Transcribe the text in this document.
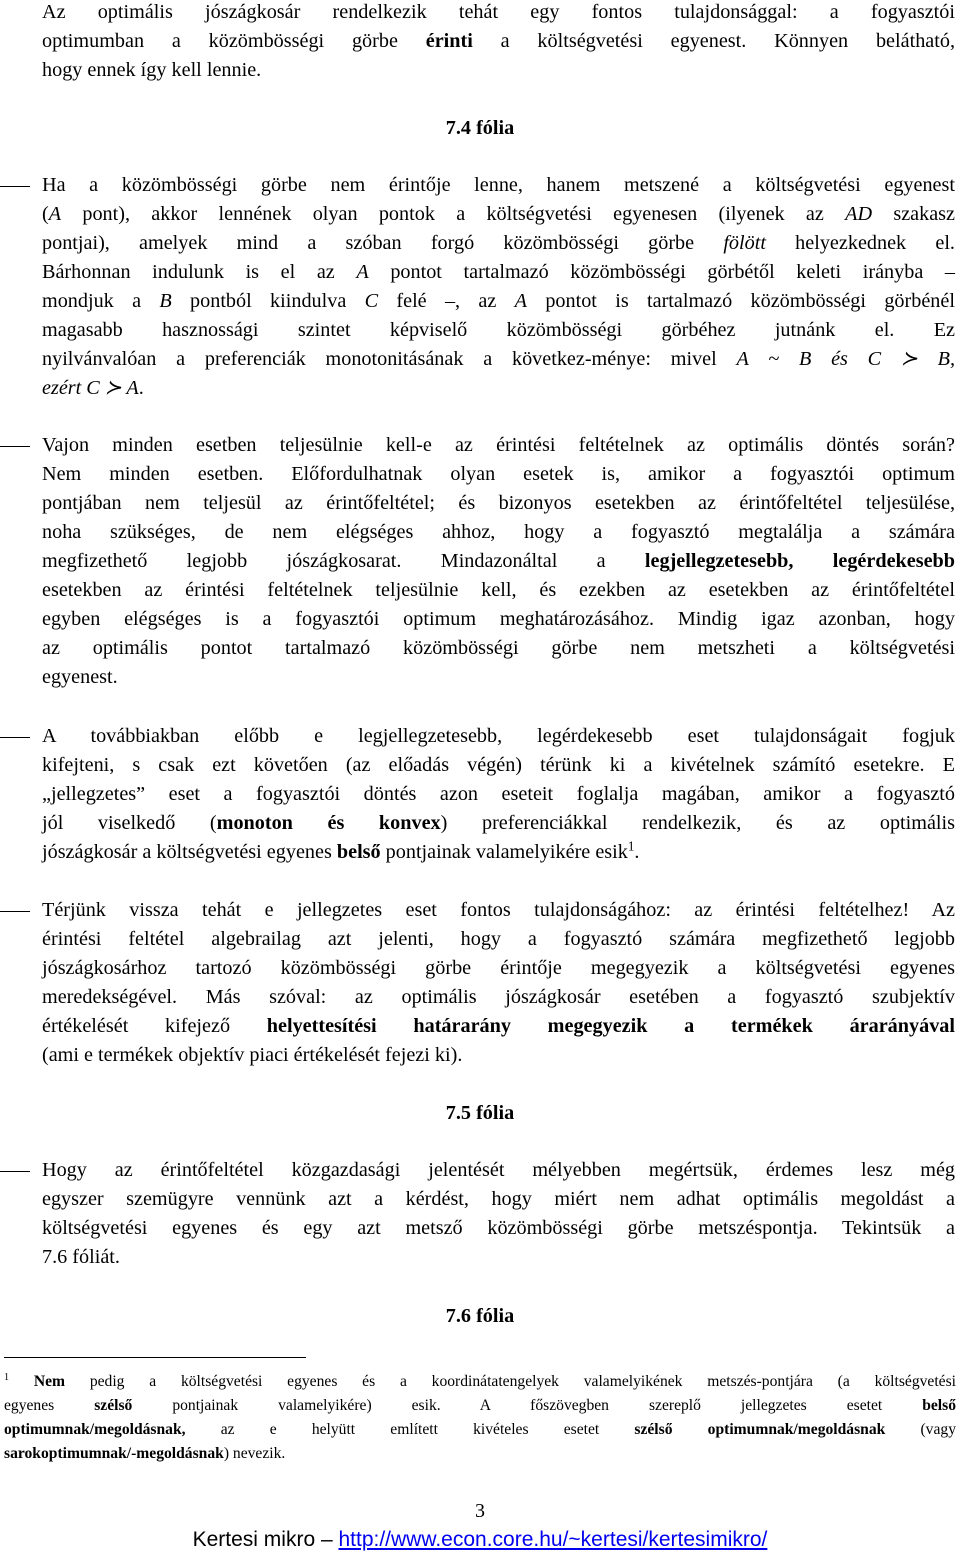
Az optimális jószágkosár rendelkezik tehát egy fontos tulajdonsággal: a fogyasztói
optimumban a közömbösségi görbe érinti a költségvetési egyenest. Könnyen belátható,
hogy ennek így kell lennie.
7.4 fólia
Ha a közömbösségi görbe nem érintője lenne, hanem metszené a költségvetési egyenest
(A pont), akkor lennének olyan pontok a költségvetési egyenesen (ilyenek az AD szakasz
pontjai), amelyek mind a szóban forgó közömbösségi görbe fölött helyezkednek el.
Bárhonnan indulunk is el az A pontot tartalmazó közömbösségi görbétől keleti irányba –
mondjuk a B pontból kiindulva C felé –, az A pontot is tartalmazó közömbösségi görbénél
magasabb hasznossági szintet képviselő közömbösségi görbéhez jutnánk el. Ez
nyilvánvalóan a preferenciák monotonitásának a következ-ménye: mivel A ~ B és C ≻ B,
ezért C ≻ A.
Vajon minden esetben teljesülnie kell-e az érintési feltételnek az optimális döntés során?
Nem minden esetben. Előfordulhatnak olyan esetek is, amikor a fogyasztói optimum
pontjában nem teljesül az érintőfeltétel; és bizonyos esetekben az érintőfeltétel teljesülése,
noha szükséges, de nem elégséges ahhoz, hogy a fogyasztó megtalálja a számára
megfizethető legjobb jószágkosarat. Mindazonáltal a legjellegzetesebb, legérdekesebb
esetekben az érintési feltételnek teljesülnie kell, és ezekben az esetekben az érintőfeltétel
egyben elégséges is a fogyasztói optimum meghatározásához. Mindig igaz azonban, hogy
az optimális pontot tartalmazó közömbösségi görbe nem metszheti a költségvetési
egyenest.
A továbbiakban előbb e legjellegzetesebb, legérdekesebb eset tulajdonságait fogjuk
kifejteni, s csak ezt követően (az előadás végén) térünk ki a kivételnek számító esetekre. E
„jellegzetes” eset a fogyasztói döntés azon eseteit foglalja magában, amikor a fogyasztó
jól viselkedő (monoton és konvex) preferenciákkal rendelkezik, és az optimális
jószágkosár a költségvetési egyenes belső pontjainak valamelyikére esik$^1$.
Térjünk vissza tehát e jellegzetes eset fontos tulajdonságához: az érintési feltételhez! Az
érintési feltétel algebrailag azt jelenti, hogy a fogyasztó számára megfizethető legjobb
jószágkosárhoz tartozó közömbösségi görbe érintője megegyezik a költségvetési egyenes
meredekségével. Más szóval: az optimális jószágkosár esetében a fogyasztó szubjektív
értékelését kifejező helyettesítési határarány megegyezik a termékek árarányával
(ami e termékek objektív piaci értékelését fejezi ki).
7.5 fólia
Hogy az érintőfeltétel közgazdasági jelentését mélyebben megértsük, érdemes lesz még
egyszer szemügyre vennünk azt a kérdést, hogy miért nem adhat optimális megoldást a
költségvetési egyenes és egy azt metsző közömbösségi görbe metszéspontja. Tekintsük a
7.6 fóliát.
7.6 fólia
$^1$ Nem pedig a költségvetési egyenes és a koordinátatengelyek valamelyikének metszés-pontjára (a költségvetési
egyenes szélső pontjainak valamelyikére) esik. A főszövegben szereplő jellegzetes esetet belső
optimumnak/megoldásnak, az e helyütt említett kivételes esetet szélső optimumnak/megoldásnak (vagy
sarokoptimumnak/-megoldásnak) nevezik.
3
Kertesi mikro – http://www.econ.core.hu/~kertesi/kertesimikro/
